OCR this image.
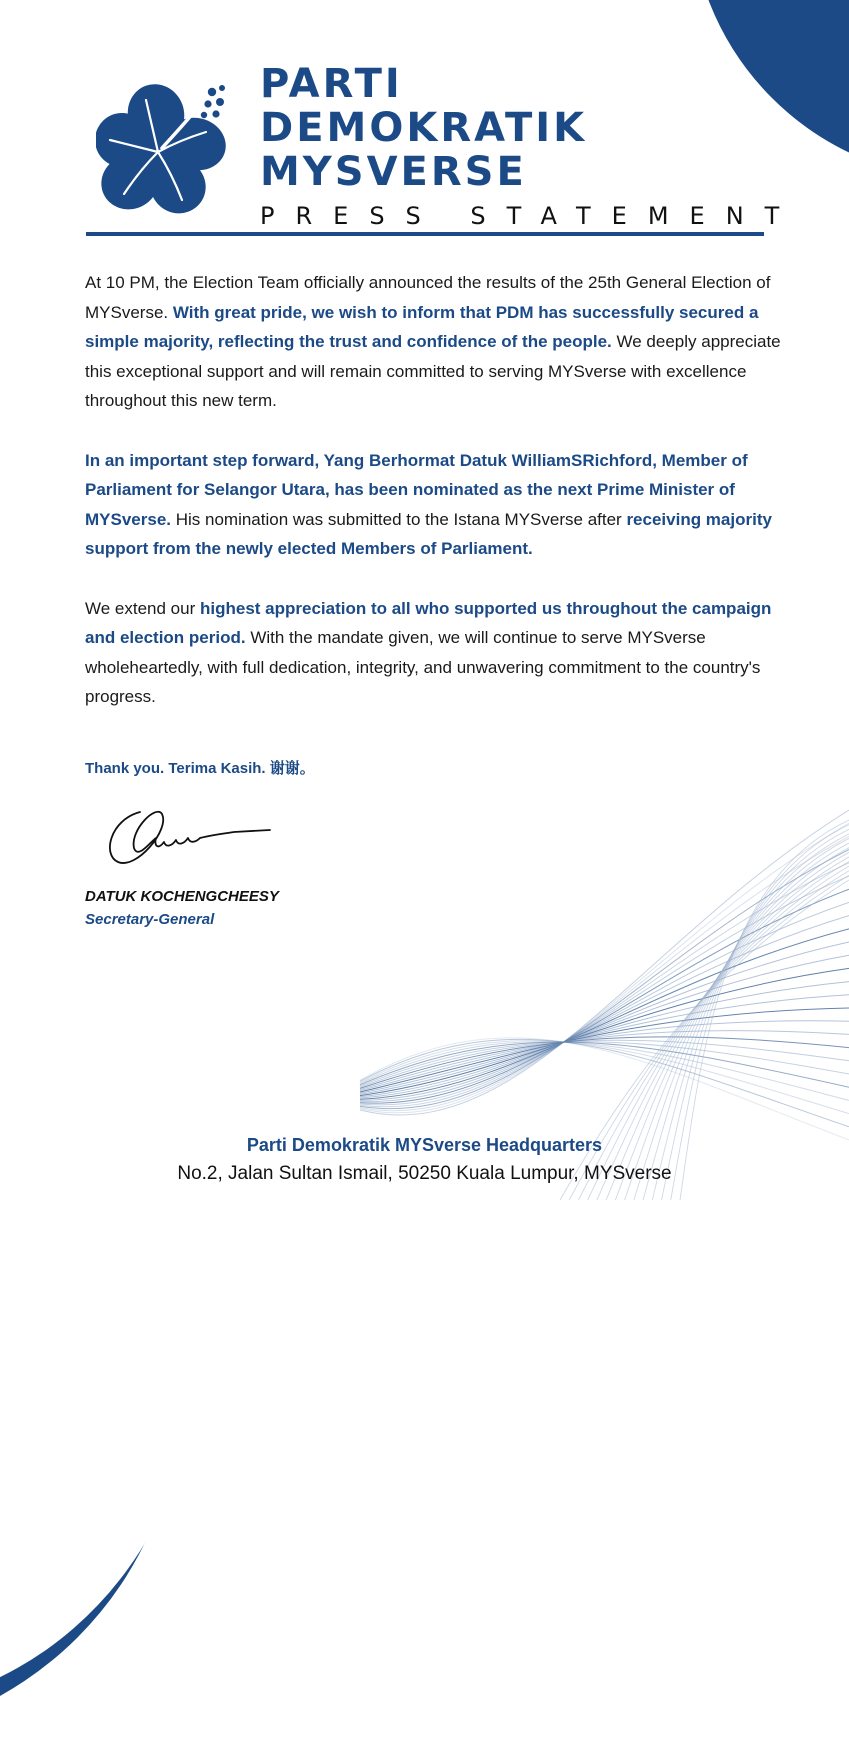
PARTI
DEMOKRATIK
MYSVERSE
PRESS STATEMENT

At 10 PM, the Election Team officially announced the results of the 25th General Election of MYSverse. With great pride, we wish to inform that PDM has successfully secured a simple majority, reflecting the trust and confidence of the people. We deeply appreciate this exceptional support and will remain committed to serving MYSverse with excellence throughout this new term.

In an important step forward, Yang Berhormat Datuk WilliamSRichford, Member of Parliament for Selangor Utara, has been nominated as the next Prime Minister of MYSverse. His nomination was submitted to the Istana MYSverse after receiving majority support from the newly elected Members of Parliament.

We extend our highest appreciation to all who supported us throughout the campaign and election period. With the mandate given, we will continue to serve MYSverse wholeheartedly, with full dedication, integrity, and unwavering commitment to the country's progress.

Thank you. Terima Kasih. 谢谢。
DATUK KOCHENGCHEESY
Secretary-General
Parti Demokratik MYSverse Headquarters
No.2, Jalan Sultan Ismail, 50250 Kuala Lumpur, MYSverse
